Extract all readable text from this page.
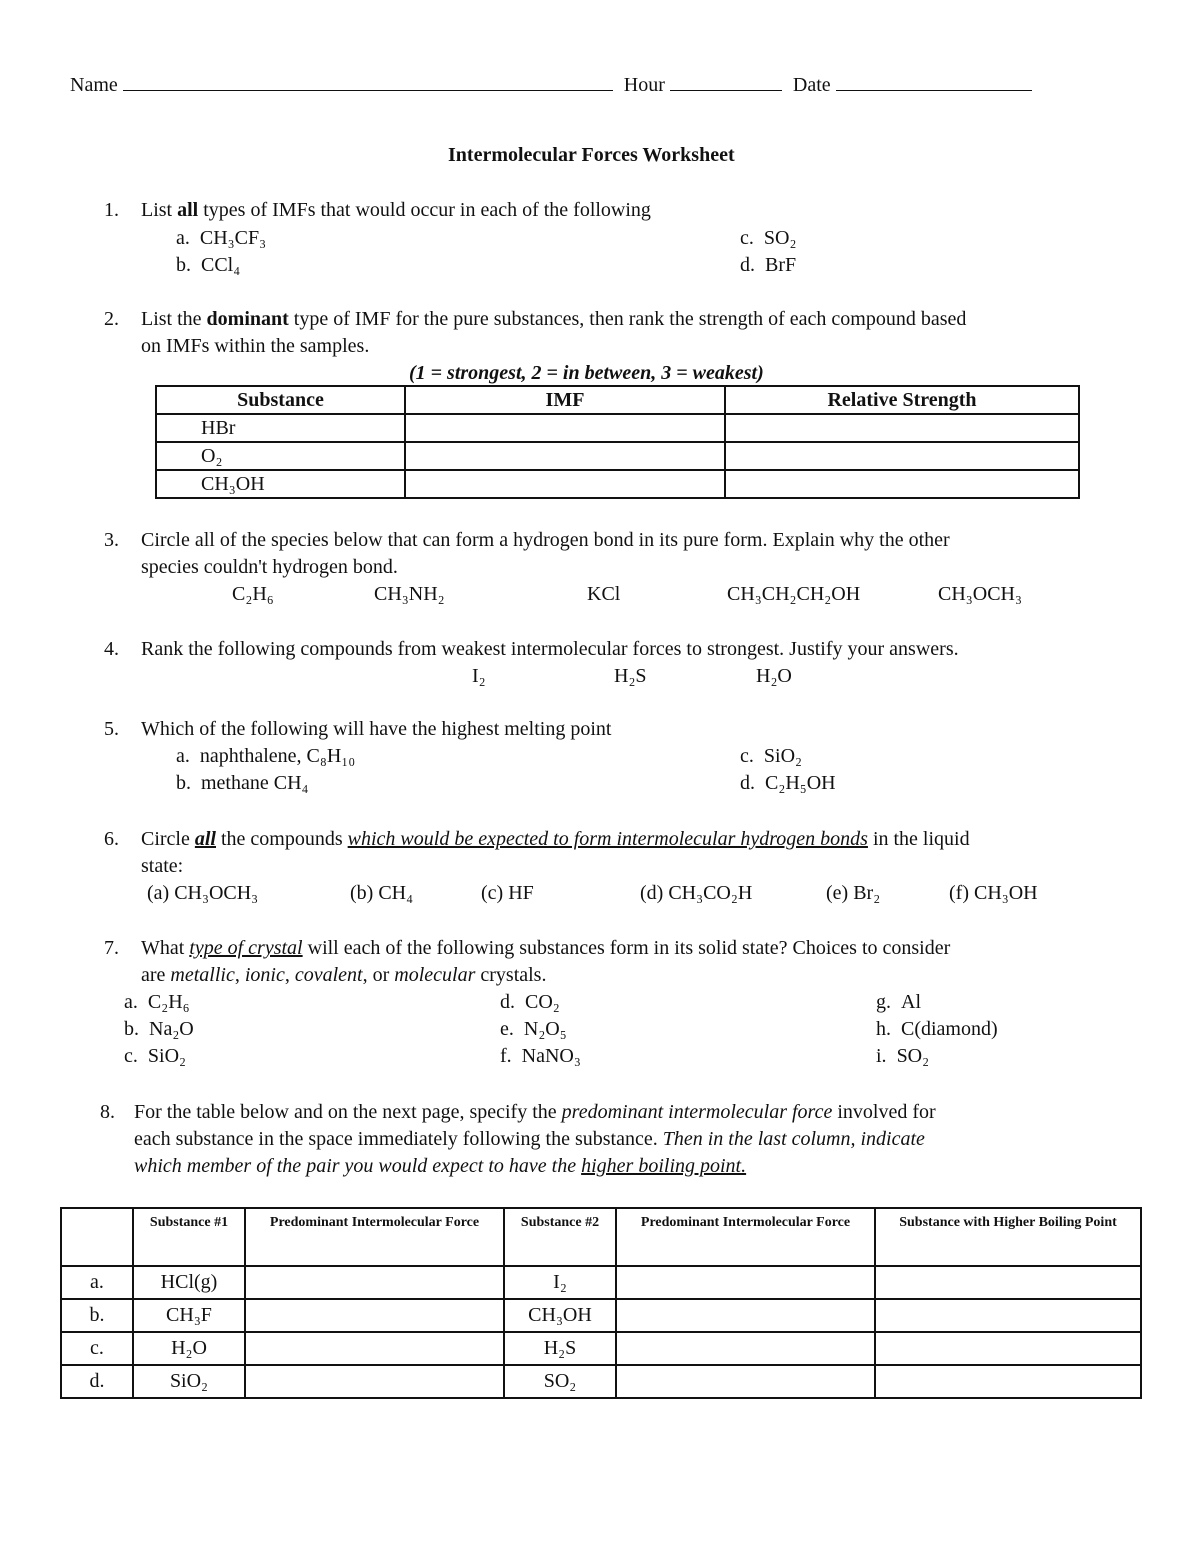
Name	Hour	Date
Intermolecular Forces Worksheet
1. List all types of IMFs that would occur in each of the following
a. CH₃CF₃
b. CCl₄
c. SO₂
d. BrF
2. List the dominant type of IMF for the pure substances, then rank the strength of each compound based
on IMFs within the samples.
(1 = strongest, 2 = in between, 3 = weakest)
Substance	IMF	Relative Strength
HBr		
O₂		
CH₃OH		
3. Circle all of the species below that can form a hydrogen bond in its pure form. Explain why the other
species couldn't hydrogen bond.
C₂H₆	CH₃NH₂	KCl	CH₃CH₂CH₂OH	CH₃OCH₃
4. Rank the following compounds from weakest intermolecular forces to strongest. Justify your answers.
I₂	H₂S	H₂O
5. Which of the following will have the highest melting point
a. naphthalene, C₈H₁₀
b. methane CH₄
c. SiO₂
d. C₂H₅OH
6. Circle all the compounds which would be expected to form intermolecular hydrogen bonds in the liquid
state:
(a) CH₃OCH₃	(b) CH₄	(c) HF	(d) CH₃CO₂H	(e) Br₂	(f) CH₃OH
7. What type of crystal will each of the following substances form in its solid state? Choices to consider
are metallic, ionic, covalent, or molecular crystals.
a. C₂H₆
b. Na₂O
c. SiO₂
d. CO₂
e. N₂O₅
f. NaNO₃
g. Al
h. C(diamond)
i. SO₂
8. For the table below and on the next page, specify the predominant intermolecular force involved for
each substance in the space immediately following the substance. Then in the last column, indicate
which member of the pair you would expect to have the higher boiling point.
	Substance #1	Predominant Intermolecular Force	Substance #2	Predominant Intermolecular Force	Substance with Higher Boiling Point
a.	HCl(g)		I₂		
b.	CH₃F		CH₃OH		
c.	H₂O		H₂S		
d.	SiO₂		SO₂		
